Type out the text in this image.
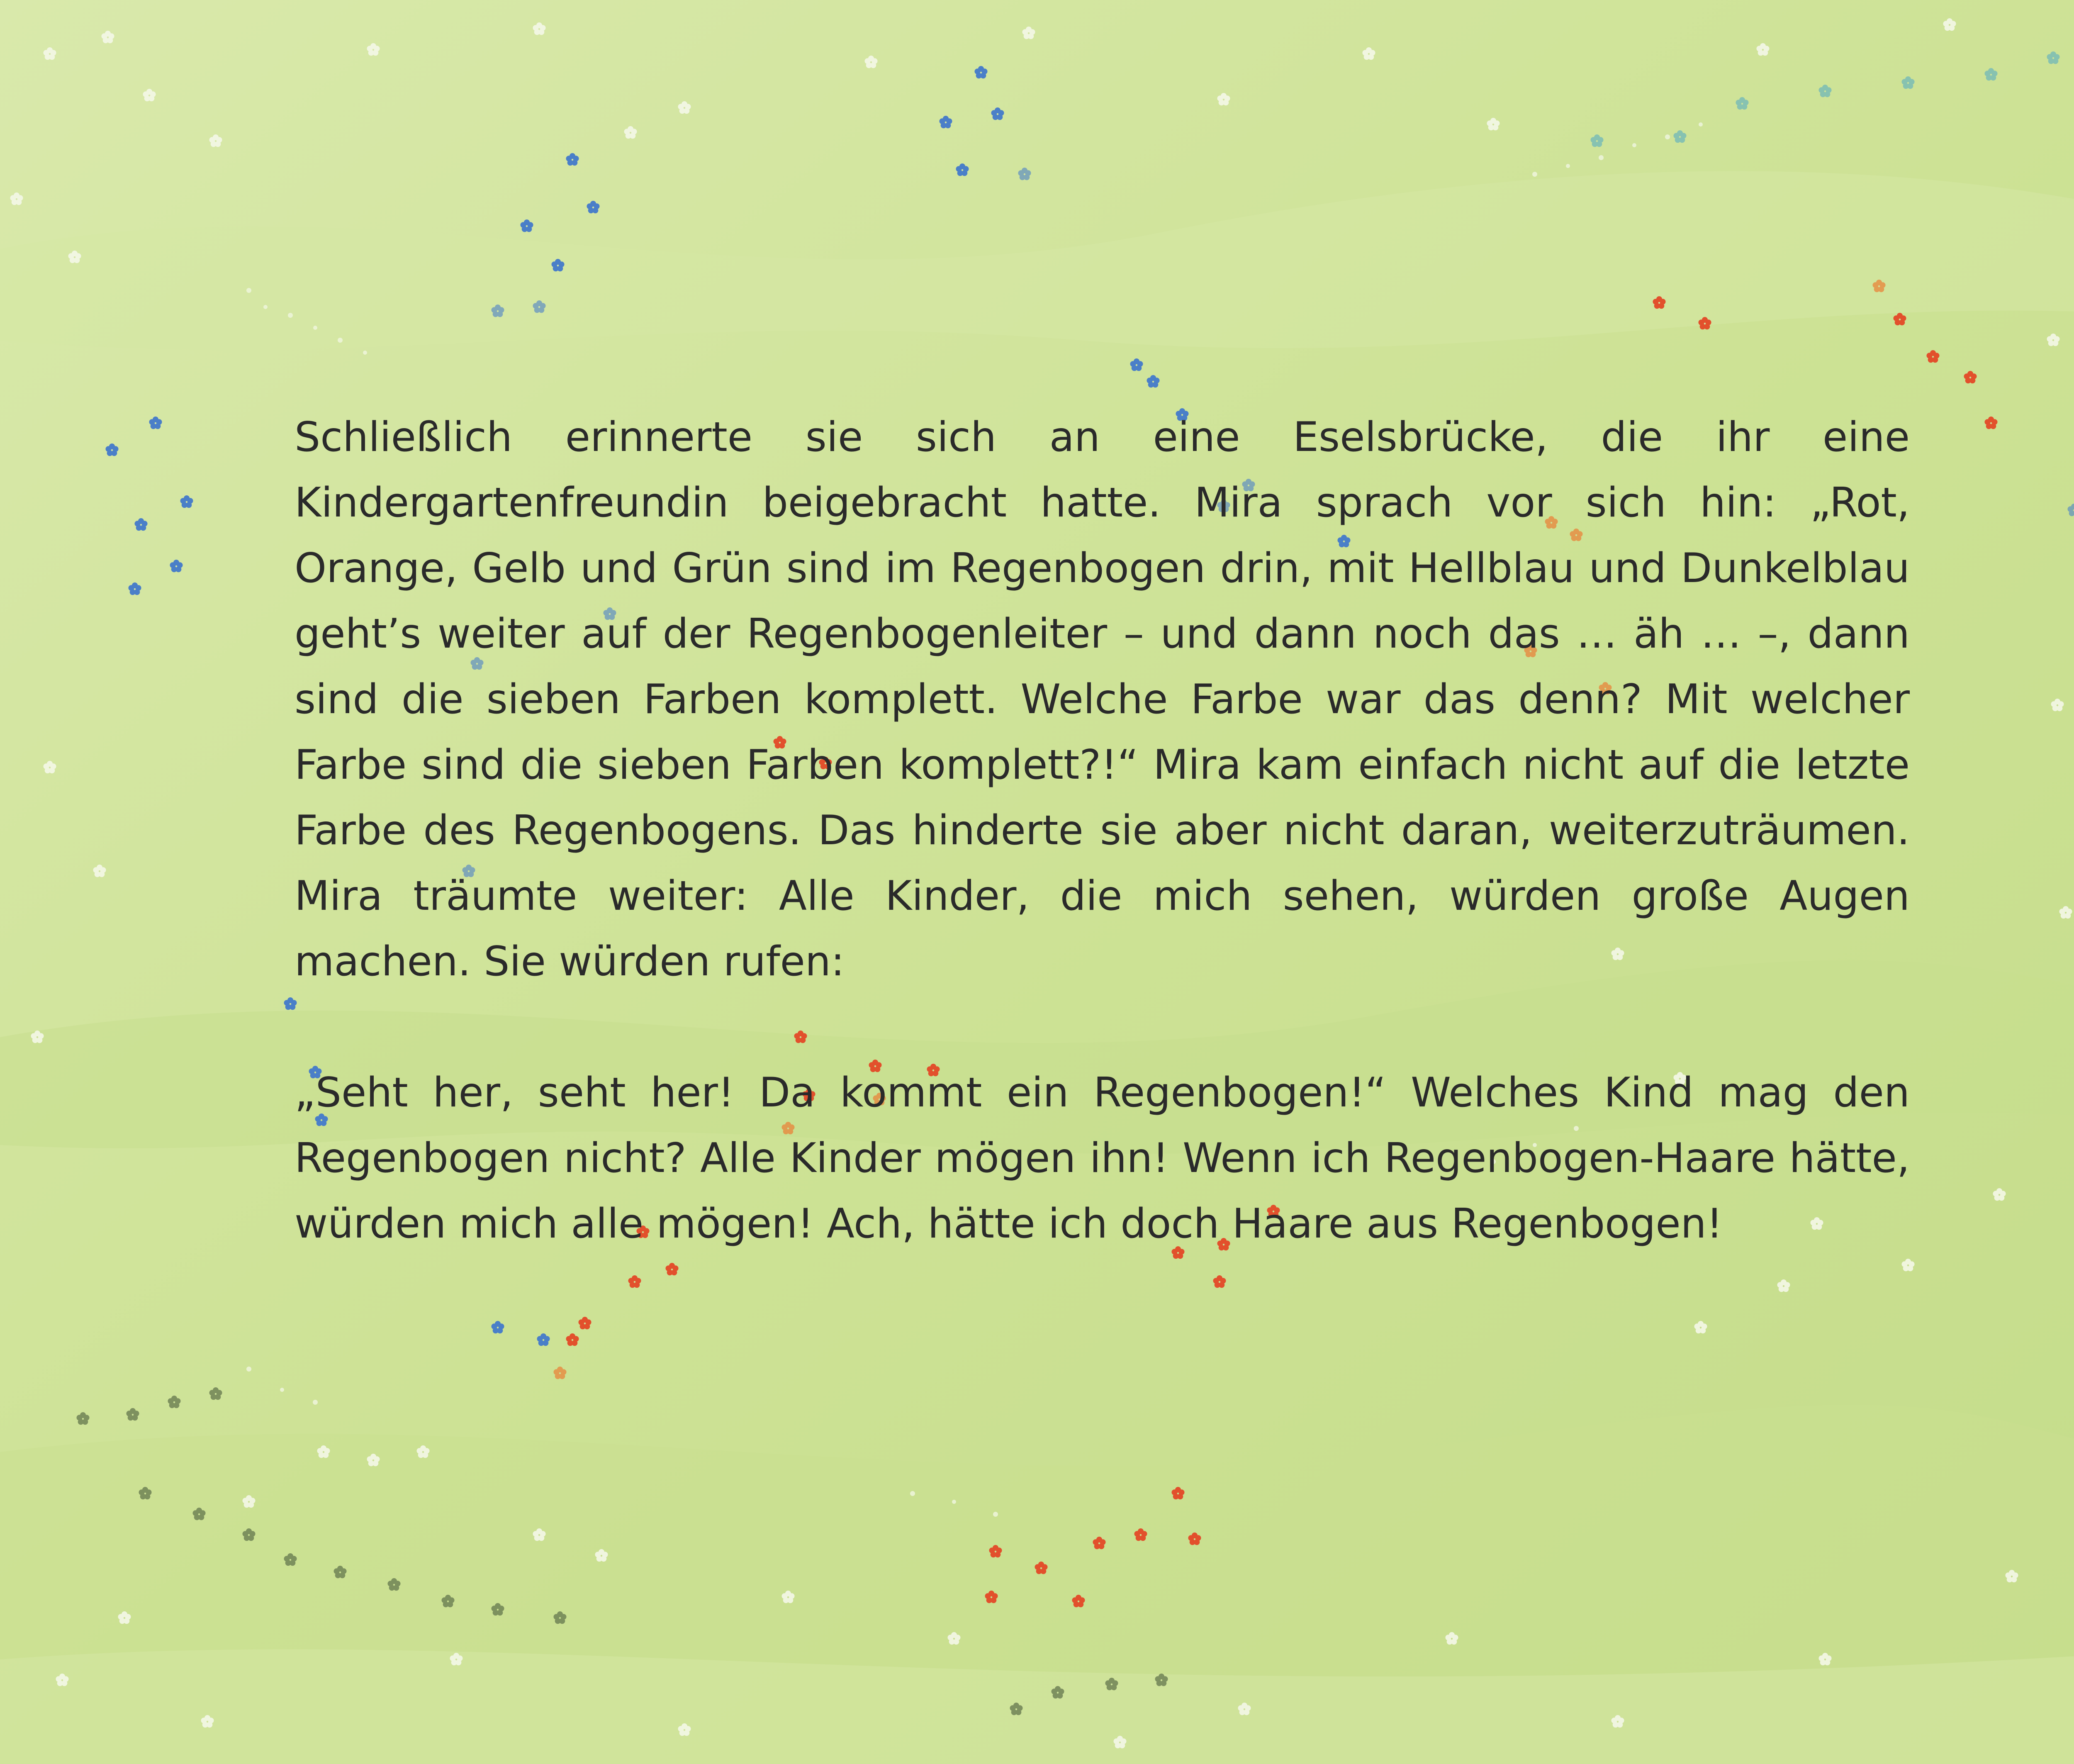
Schließlich erinnerte sie sich an eine Eselsbrücke, die ihr eine Kindergartenfreundin beigebracht hatte. Mira sprach vor sich hin: „Rot, Orange, Gelb und Grün sind im Regenbogen drin, mit Hellblau und Dunkelblau geht’s weiter auf der Regenbogenleiter – und dann noch das … äh … –, dann sind die sieben Farben komplett. Welche Farbe war das denn? Mit welcher Farbe sind die sieben Farben komplett?!“ Mira kam einfach nicht auf die letzte Farbe des Regenbogens. Das hinderte sie aber nicht daran, weiterzuträumen. Mira träumte weiter: Alle Kinder, die mich sehen, würden große Augen machen. Sie würden rufen:

„Seht her, seht her! Da kommt ein Regenbogen!“ Welches Kind mag den Regenbogen nicht? Alle Kinder mögen ihn! Wenn ich Regenbogen-Haare hätte, würden mich alle mögen! Ach, hätte ich doch Haare aus Regenbogen!
